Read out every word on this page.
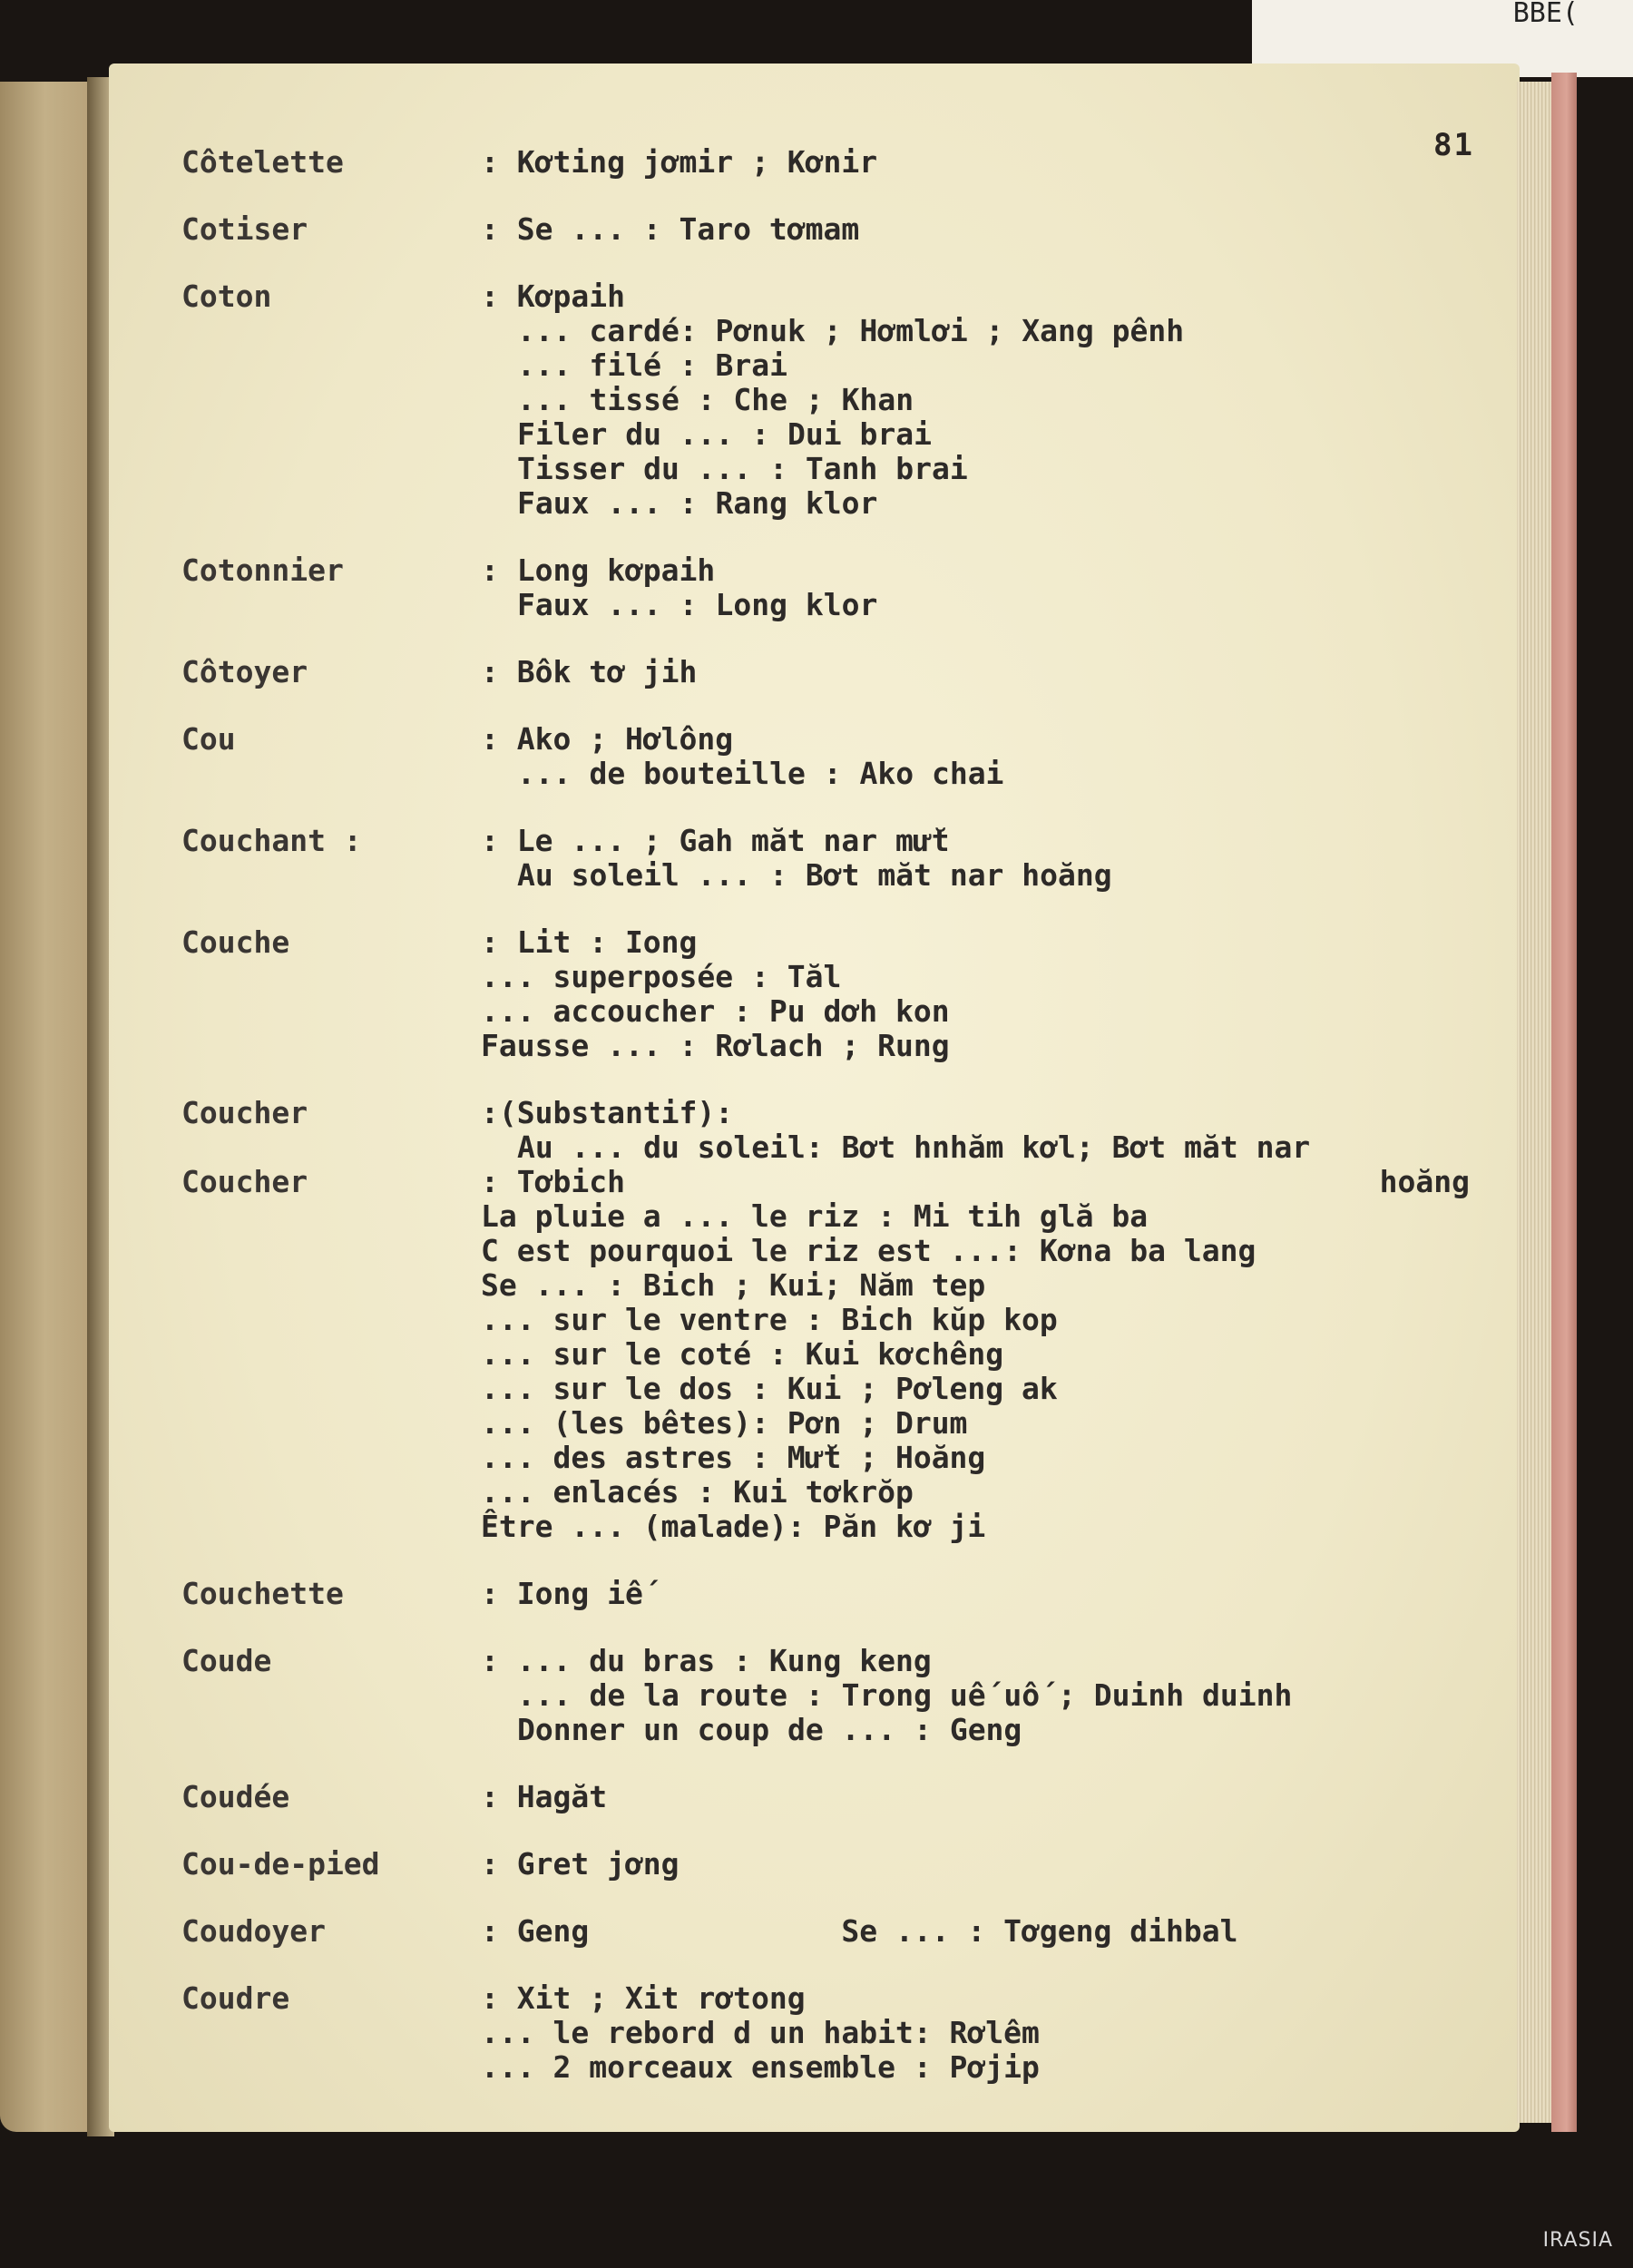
BBE(
81
Côtelette	: Kơting jơmir ; Kơnir
Cotiser	: Se ... : Taro tơmam
Coton	: Kơpaih
... cardé: Pơnuk ; Hơmlơi ; Xang pênh
... filé : Brai
... tissé : Che ; Khan
Filer du ... : Dui brai
Tisser du ... : Tanh brai
Faux ... : Rang klor
Cotonnier	: Long kơpaih
Faux ... : Long klor
Côtoyer	: Bôk tơ jih
Cou	: Ako ; Hơlông
... de bouteille : Ako chai
Couchant :	: Le ... ; Gah măt nar mư̆t
Au soleil ... : Bơt măt nar hoăng
Couche	: Lit : Iong
... superposée : Tăl
... accoucher : Pu dơh kon
Fausse ... : Rơlach ; Rung
Coucher	:(Substantif):
Au ... du soleil: Bơt hnhăm kơl; Bơt măt nar
hoăng
Coucher	: Tơbich
La pluie a ... le riz : Mi tih glă ba
C est pourquoi le riz est ...: Kơna ba lang
Se ... : Bich ; Kui; Năm tep
... sur le ventre : Bich kŭp kop
... sur le coté : Kui kơchêng
... sur le dos : Kui ; Pơleng ak
... (les bêtes): Pơn ; Drum
... des astres : Mư̆t ; Hoăng
... enlacés : Kui tơkrŏp
Être ... (malade): Păn kơ ji
Couchette	: Iong iế
Coude	: ... du bras : Kung keng
... de la route : Trong uế uố ; Duinh duinh
Donner un coup de ... : Geng
Coudée	: Hagăt
Cou-de-pied	: Gret jơng
Coudoyer	: Geng              Se ... : Tơgeng dihbal
Coudre	: Xit ; Xit rơtong
... le rebord d un habit: Rơlêm
... 2 morceaux ensemble : Pơjip
IRASIA
